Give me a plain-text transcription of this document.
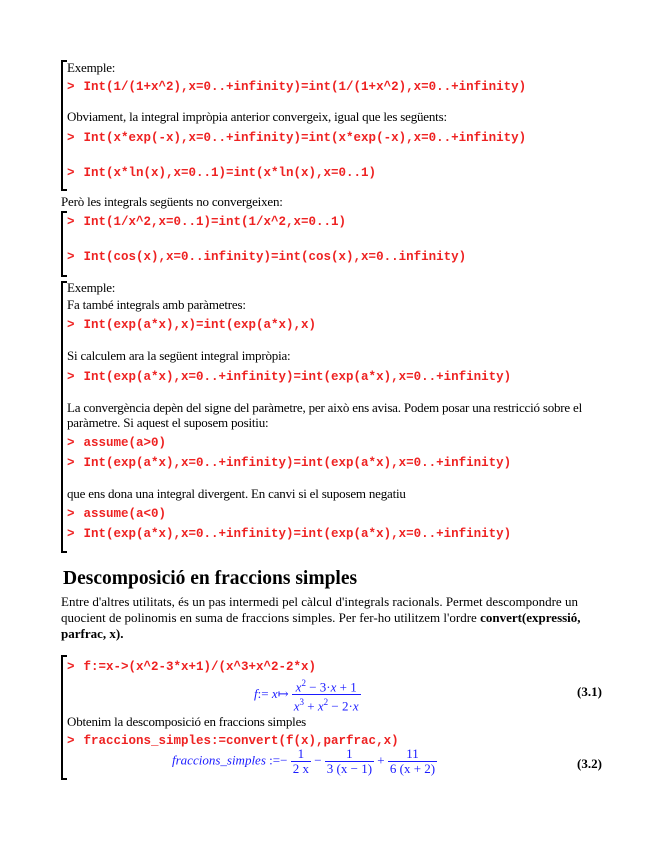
Exemple:
> Int(1/(1+x^2),x=0..+infinity)=int(1/(1+x^2),x=0..+infinity)
Obviament, la integral impròpia anterior convergeix, igual que les següents:
> Int(x*exp(-x),x=0..+infinity)=int(x*exp(-x),x=0..+infinity)
> Int(x*ln(x),x=0..1)=int(x*ln(x),x=0..1)
Però les integrals següents no convergeixen:
> Int(1/x^2,x=0..1)=int(1/x^2,x=0..1)
> Int(cos(x),x=0..infinity)=int(cos(x),x=0..infinity)
Exemple:
Fa també integrals amb paràmetres:
> Int(exp(a*x),x)=int(exp(a*x),x)
Si calculem ara la següent integral impròpia:
> Int(exp(a*x),x=0..+infinity)=int(exp(a*x),x=0..+infinity)
La convergència depèn del signe del paràmetre, per això ens avisa. Podem posar una restricció sobre el
paràmetre. Si aquest el suposem positiu:
> assume(a>0)
> Int(exp(a*x),x=0..+infinity)=int(exp(a*x),x=0..+infinity)
que ens dona una integral divergent. En canvi si el suposem negatiu
> assume(a<0)
> Int(exp(a*x),x=0..+infinity)=int(exp(a*x),x=0..+infinity)
Descomposició en fraccions simples
Entre d'altres utilitats, és un pas intermedi pel càlcul d'integrals racionals. Permet descompondre un quocient de polinomis en suma de fraccions simples. Per fer-ho utilitzem l'ordre convert(expressió, parfrac, x).
> f:=x->(x^2-3*x+1)/(x^3+x^2-2*x)
f:= x↦ $\frac{x^2 - 3\cdot x + 1}{x^3 + x^2 - 2\cdot x}$	(3.1)
Obtenim la descomposició en fraccions simples
> fraccions_simples:=convert(f(x),parfrac,x)
fraccions_simples :=− $\frac{1}{2 x} - \frac{1}{3 (x - 1)} + \frac{11}{6 (x + 2)}$	(3.2)
